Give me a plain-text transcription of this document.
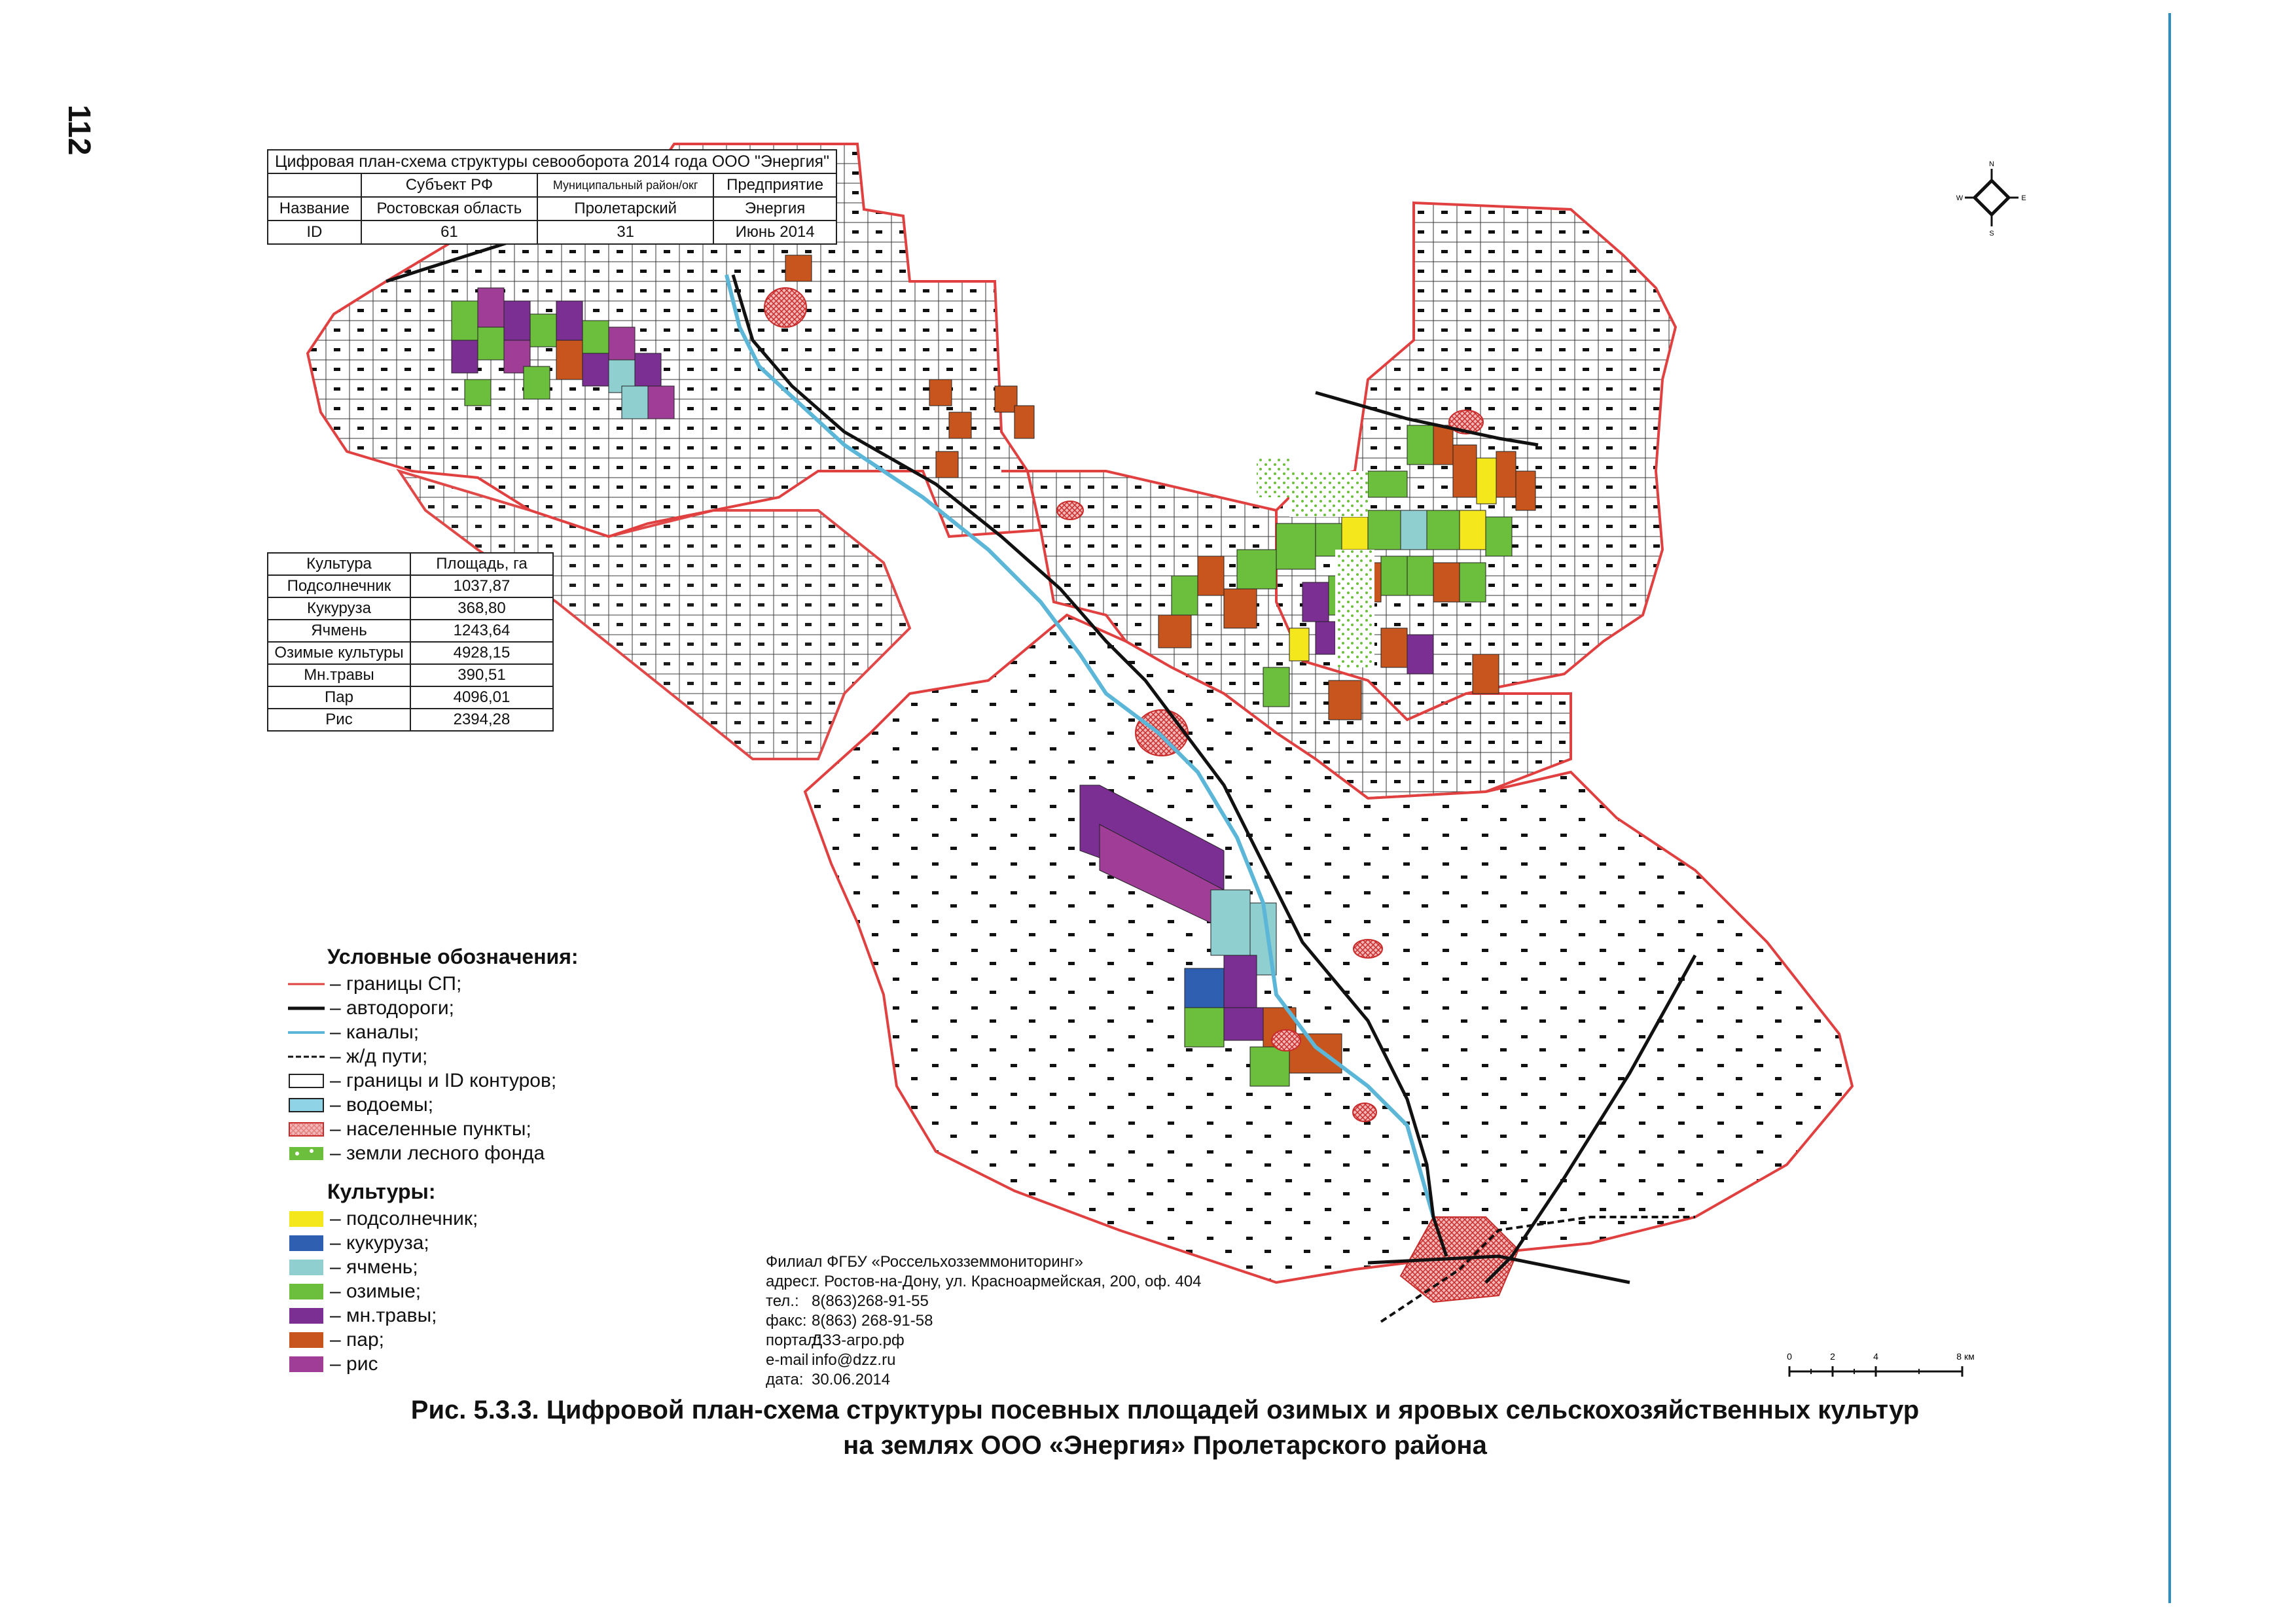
112
Цифровая план-схема структуры севооборота 2014 года ООО "Энергия"			
	Субъект РФ	Муниципальный район/окг	Предприятие
Название	Ростовская область	Пролетарский	Энергия
ID	61	31	Июнь 2014
Культура	Площадь, га
Подсолнечник	1037,87
Кукуруза	368,80
Ячмень	1243,64
Озимые культуры	4928,15
Мн.травы	390,51
Пар	4096,01
Рис	2394,28
Условные обозначения:
– границы СП;
– автодороги;
– каналы;
– ж/д пути;
– границы и ID контуров;
– водоемы;
– населенные пункты;
– земли лесного фонда
Культуры:
– подсолнечник;
– кукуруза;
– ячмень;
– озимые;
– мн.травы;
– пар;
– рис
N
S
W	E
0	2	4	8 км
Филиал ФГБУ «Россельхозземмониторинг»
адрес:
г. Ростов-на-Дону, ул. Красноармейская, 200, оф. 404
тел.: 8(863)268-91-55
факс: 8(863) 268-91-58
портал:
ДЗЗ-агро.рф
e-mail info@dzz.ru
дата: 30.06.2014
Рис. 5.3.3. Цифровой план-схема структуры посевных площадей озимых и яровых сельскохозяйственных культур
на землях ООО «Энергия» Пролетарского района
